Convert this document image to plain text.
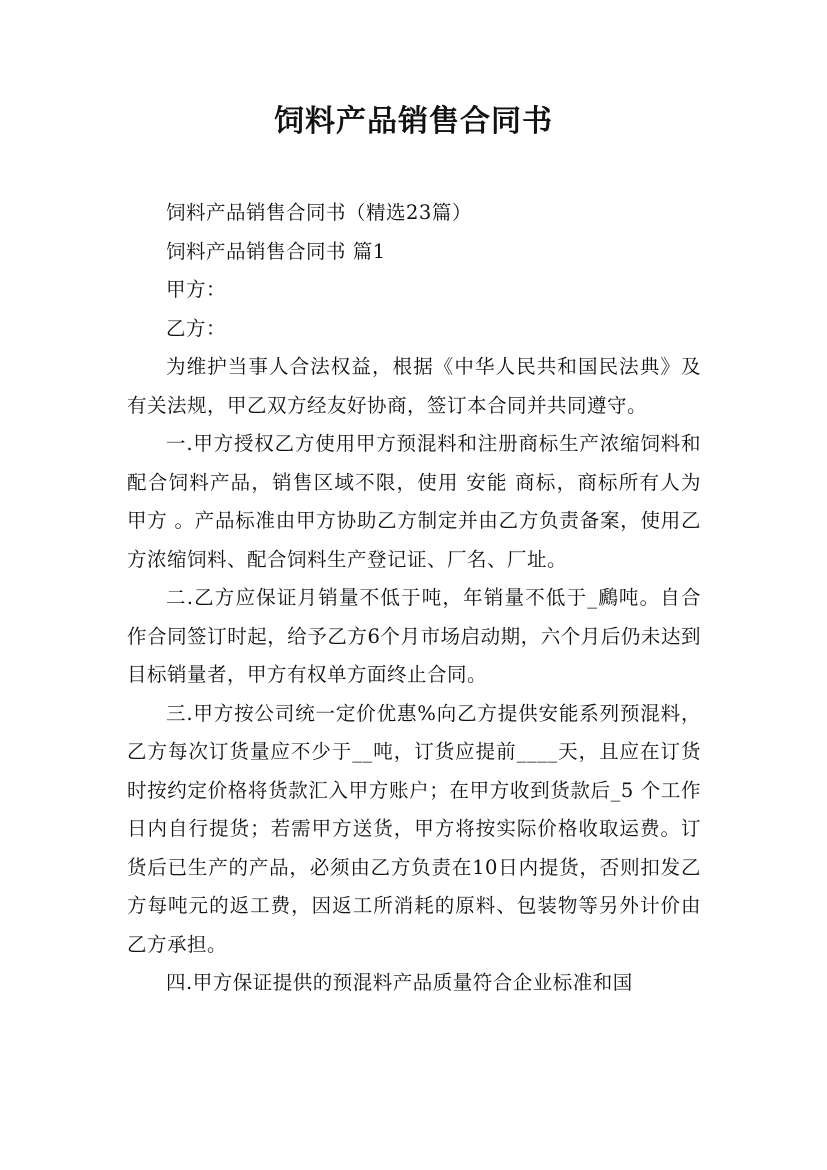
饲料产品销售合同书

饲料产品销售合同书（精选23篇）

饲料产品销售合同书 篇1

甲方：

乙方：

为维护当事人合法权益，根据《中华人民共和国民法典》及有关法规，甲乙双方经友好协商，签订本合同并共同遵守。

一.甲方授权乙方使用甲方预混料和注册商标生产浓缩饲料和配合饲料产品，销售区域不限，使用 安能 商标，商标所有人为 甲方 。产品标准由甲方协助乙方制定并由乙方负责备案，使用乙方浓缩饲料、配合饲料生产登记证、厂名、厂址。

二.乙方应保证月销量不低于吨，年销量不低于_鷉吨。自合作合同签订时起，给予乙方6个月市场启动期，六个月后仍未达到目标销量者，甲方有权单方面终止合同。

三.甲方按公司统一定价优惠%向乙方提供安能系列预混料，乙方每次订货量应不少于__吨，订货应提前____天，且应在订货时按约定价格将货款汇入甲方账户；在甲方收到货款后_5 个工作日内自行提货；若需甲方送货，甲方将按实际价格收取运费。订货后已生产的产品，必须由乙方负责在10日内提货，否则扣发乙方每吨元的返工费，因返工所消耗的原料、包装物等另外计价由乙方承担。

四.甲方保证提供的预混料产品质量符合企业标准和国
